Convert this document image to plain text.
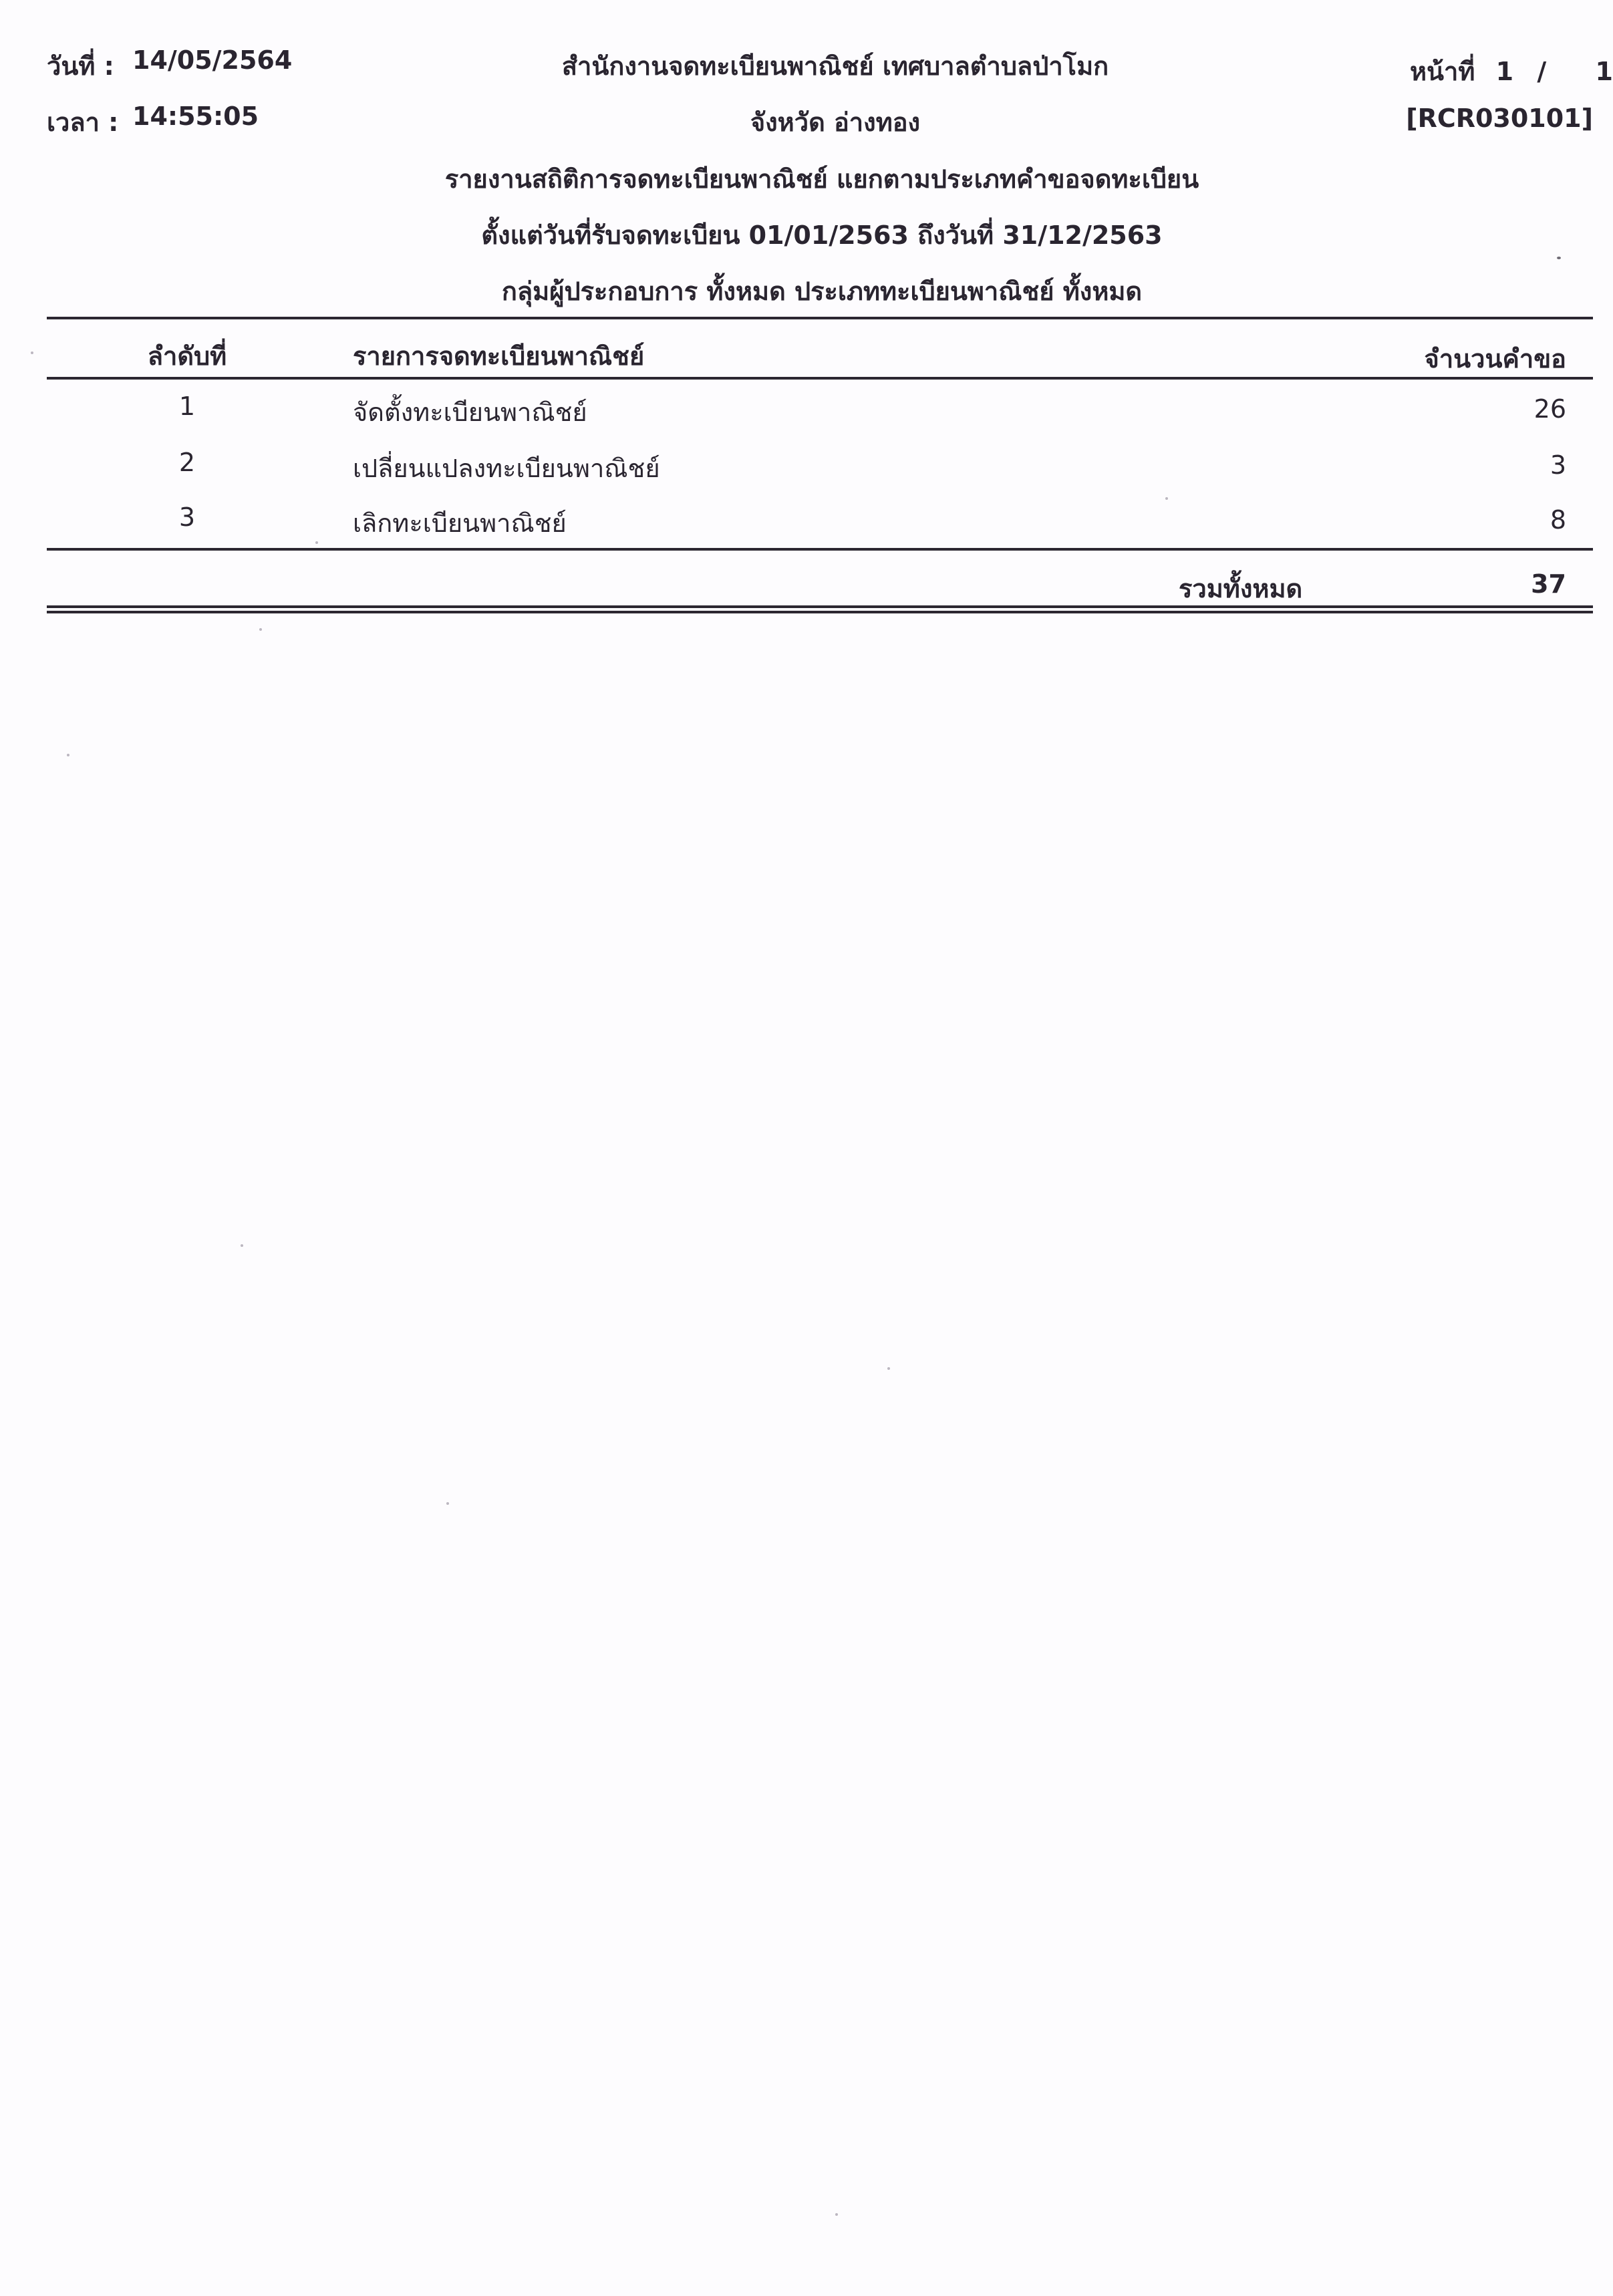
วันที่ : 14/05/2564
เวลา : 14:55:05
สำนักงานจดทะเบียนพาณิชย์ เทศบาลตำบลป่าโมก
จังหวัด อ่างทอง
หน้าที่ 1 / 1
[RCR030101]
รายงานสถิติการจดทะเบียนพาณิชย์ แยกตามประเภทคำขอจดทะเบียน
ตั้งแต่วันที่รับจดทะเบียน 01/01/2563 ถึงวันที่ 31/12/2563
กลุ่มผู้ประกอบการ ทั้งหมด ประเภททะเบียนพาณิชย์ ทั้งหมด
ลำดับที่	รายการจดทะเบียนพาณิชย์	จำนวนคำขอ
1	จัดตั้งทะเบียนพาณิชย์	26
2	เปลี่ยนแปลงทะเบียนพาณิชย์	3
3	เลิกทะเบียนพาณิชย์	8
รวมทั้งหมด	37
